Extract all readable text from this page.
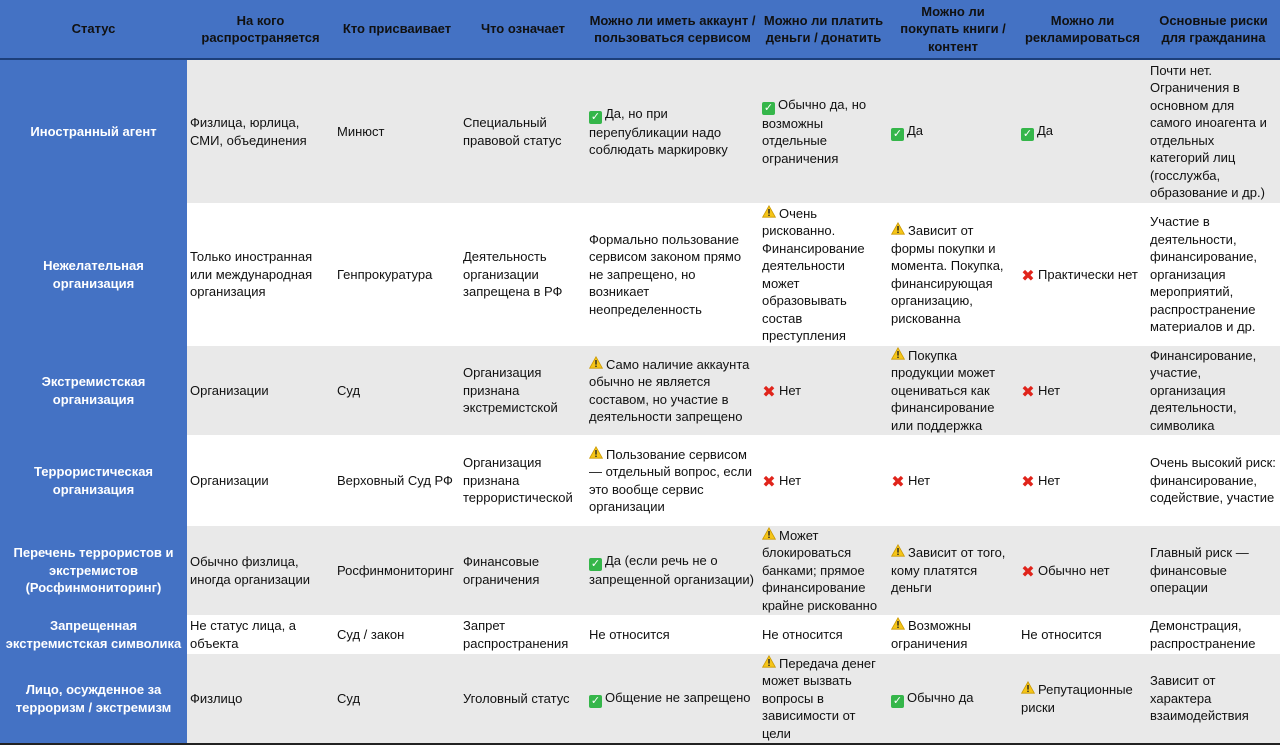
Статус	На кого распространяется	Кто присваивает	Что означает	Можно ли иметь аккаунт / пользоваться сервисом	Можно ли платить деньги / донатить	Можно ли покупать книги / контент	Можно ли рекламироваться	Основные риски для гражданина
Иностранный агент	Физлица, юрлица, СМИ, объединения	Минюст	Специальный правовой статус	✓ Да, но при перепубликации надо соблюдать маркировку	✓ Обычно да, но возможны отдельные ограничения	✓ Да	✓ Да	Почти нет. Ограничения в основном для самого иноагента и отдельных категорий лиц (госслужба, образование и др.)
Нежелательная организация	Только иностранная или международная организация	Генпрокуратура	Деятельность организации запрещена в РФ	Формально пользование сервисом законом прямо не запрещено, но возникает неопределенность	Очень рискованно. Финансирование деятельности может образовывать состав преступления	Зависит от формы покупки и момента. Покупка, финансирующая организацию, рискованна	✖ Практически нет	Участие в деятельности, финансирование, организация мероприятий, распространение материалов и др.
Экстремистская организация	Организации	Суд	Организация признана экстремистской	Само наличие аккаунта обычно не является составом, но участие в деятельности запрещено	✖ Нет	Покупка продукции может оцениваться как финансирование или поддержка	✖ Нет	Финансирование, участие, организация деятельности, символика
Террористическая организация	Организации	Верховный Суд РФ	Организация признана террористической	Пользование сервисом — отдельный вопрос, если это вообще сервис организации	✖ Нет	✖ Нет	✖ Нет	Очень высокий риск: финансирование, содействие, участие
Перечень террористов и экстремистов (Росфинмониторинг)	Обычно физлица, иногда организации	Росфинмониторинг	Финансовые ограничения	✓ Да (если речь не о запрещенной организации)	Может блокироваться банками; прямое финансирование крайне рискованно	Зависит от того, кому платятся деньги	✖ Обычно нет	Главный риск — финансовые операции
Запрещенная экстремистская символика	Не статус лица, а объекта	Суд / закон	Запрет распространения	Не относится	Не относится	Возможны ограничения	Не относится	Демонстрация, распространение
Лицо, осужденное за терроризм / экстремизм	Физлицо	Суд	Уголовный статус	✓ Общение не запрещено	Передача денег может вызвать вопросы в зависимости от цели	✓ Обычно да	Репутационные риски	Зависит от характера взаимодействия
